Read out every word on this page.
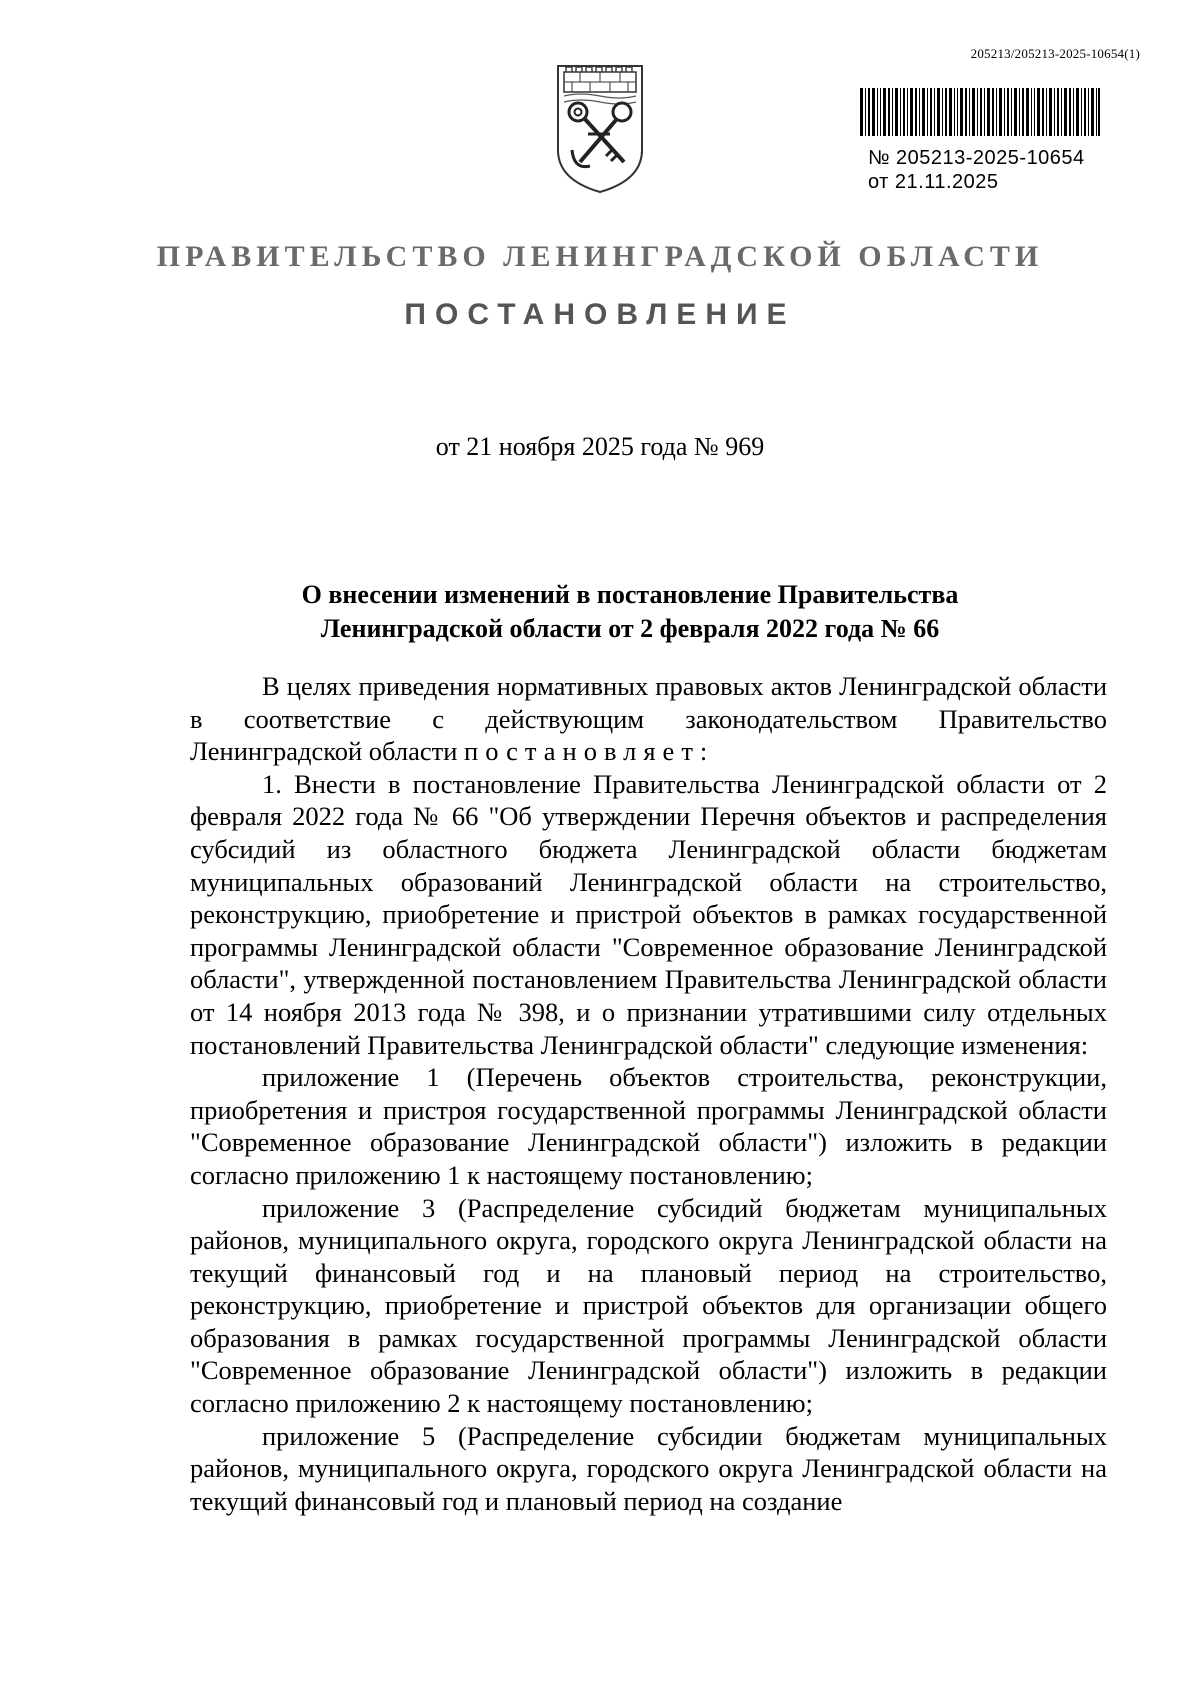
205213/205213-2025-10654(1)
№ 205213-2025-10654
от 21.11.2025
ПРАВИТЕЛЬСТВО ЛЕНИНГРАДСКОЙ ОБЛАСТИ
ПОСТАНОВЛЕНИЕ
от 21 ноября 2025 года № 969
О внесении изменений в постановление Правительства
Ленинградской области от 2 февраля 2022 года № 66

В целях приведения нормативных правовых актов Ленинградской области в соответствие с действующим законодательством Правительство Ленинградской области постановляет:

1. Внести в постановление Правительства Ленинградской области от 2 февраля 2022 года № 66 "Об утверждении Перечня объектов и распределения субсидий из областного бюджета Ленинградской области бюджетам муниципальных образований Ленинградской области на строительство, реконструкцию, приобретение и пристрой объектов в рамках государственной программы Ленинградской области "Современное образование Ленинградской области", утвержденной постановлением Правительства Ленинградской области от 14 ноября 2013 года № 398, и о признании утратившими силу отдельных постановлений Правительства Ленинградской области" следующие изменения:

приложение 1 (Перечень объектов строительства, реконструкции, приобретения и пристроя государственной программы Ленинградской области "Современное образование Ленинградской области") изложить в редакции согласно приложению 1 к настоящему постановлению;

приложение 3 (Распределение субсидий бюджетам муниципальных районов, муниципального округа, городского округа Ленинградской области на текущий финансовый год и на плановый период на строительство, реконструкцию, приобретение и пристрой объектов для организации общего образования в рамках государственной программы Ленинградской области "Современное образование Ленинградской области") изложить в редакции согласно приложению 2 к настоящему постановлению;

приложение 5 (Распределение субсидии бюджетам муниципальных районов, муниципального округа, городского округа Ленинградской области на текущий финансовый год и плановый период на создание
